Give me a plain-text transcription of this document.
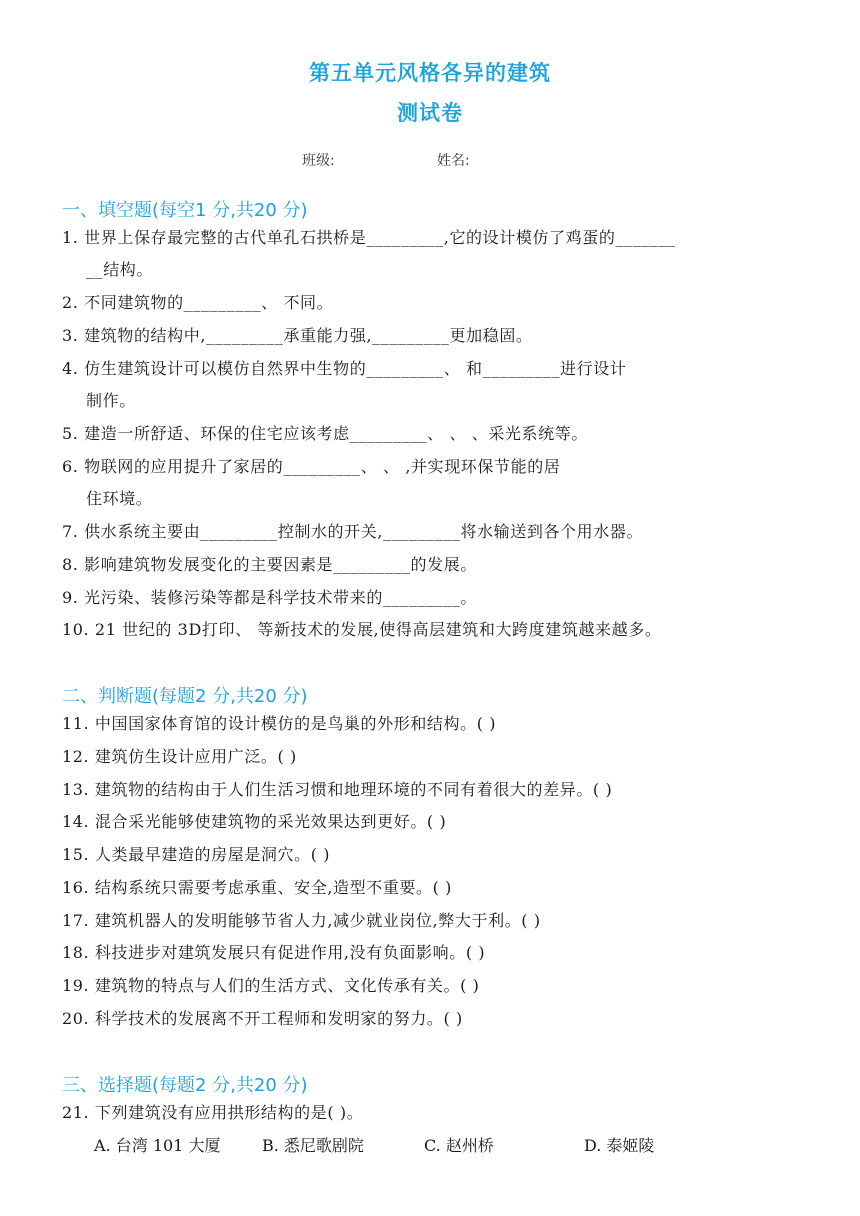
第五单元风格各异的建筑
测试卷
班级:	姓名:
一、填空题(每空1 分,共20 分)
1. 世界上保存最完整的古代单孔石拱桥是_________,它的设计模仿了鸡蛋的_______
__结构。
2. 不同建筑物的_________、 不同。
3. 建筑物的结构中,_________承重能力强,_________更加稳固。
4. 仿生建筑设计可以模仿自然界中生物的_________、 和_________进行设计
制作。
5. 建造一所舒适、环保的住宅应该考虑_________、 、 、采光系统等。
6. 物联网的应用提升了家居的_________、 、 ,并实现环保节能的居
住环境。
7. 供水系统主要由_________控制水的开关,_________将水输送到各个用水器。
8. 影响建筑物发展变化的主要因素是_________的发展。
9. 光污染、装修污染等都是科学技术带来的_________。
10. 21 世纪的 3D打印、 等新技术的发展,使得高层建筑和大跨度建筑越来越多。
二、判断题(每题2 分,共20 分)
11. 中国国家体育馆的设计模仿的是鸟巢的外形和结构。( )
12. 建筑仿生设计应用广泛。( )
13. 建筑物的结构由于人们生活习惯和地理环境的不同有着很大的差异。( )
14. 混合采光能够使建筑物的采光效果达到更好。( )
15. 人类最早建造的房屋是洞穴。( )
16. 结构系统只需要考虑承重、安全,造型不重要。( )
17. 建筑机器人的发明能够节省人力,减少就业岗位,弊大于利。( )
18. 科技进步对建筑发展只有促进作用,没有负面影响。( )
19. 建筑物的特点与人们的生活方式、文化传承有关。( )
20. 科学技术的发展离不开工程师和发明家的努力。( )
三、选择题(每题2 分,共20 分)
21. 下列建筑没有应用拱形结构的是( )。
A. 台湾 101 大厦	B. 悉尼歌剧院	C. 赵州桥	D. 泰姬陵
